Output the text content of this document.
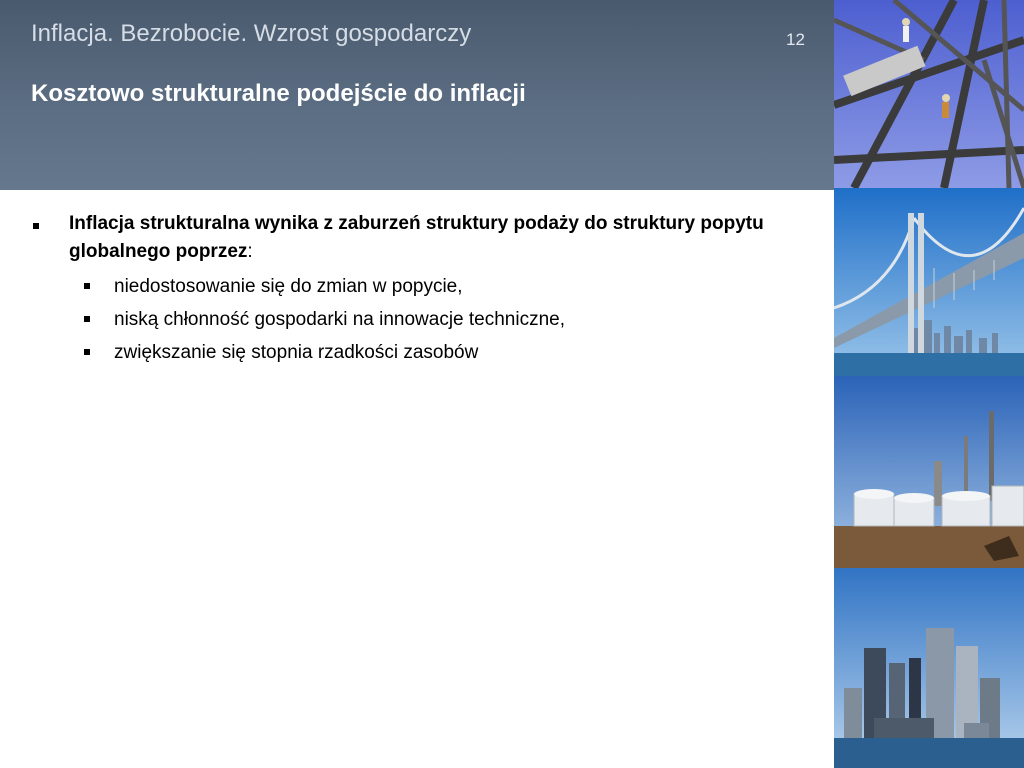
Inflacja. Bezrobocie. Wzrost gospodarczy	12
Kosztowo strukturalne podejście do inflacji
Inflacja strukturalna wynika z zaburzeń struktury podaży do struktury popytu globalnego poprzez:
niedostosowanie się do zmian w popycie,
niską chłonność gospodarki na innowacje techniczne,
zwiększanie się stopnia rzadkości zasobów
